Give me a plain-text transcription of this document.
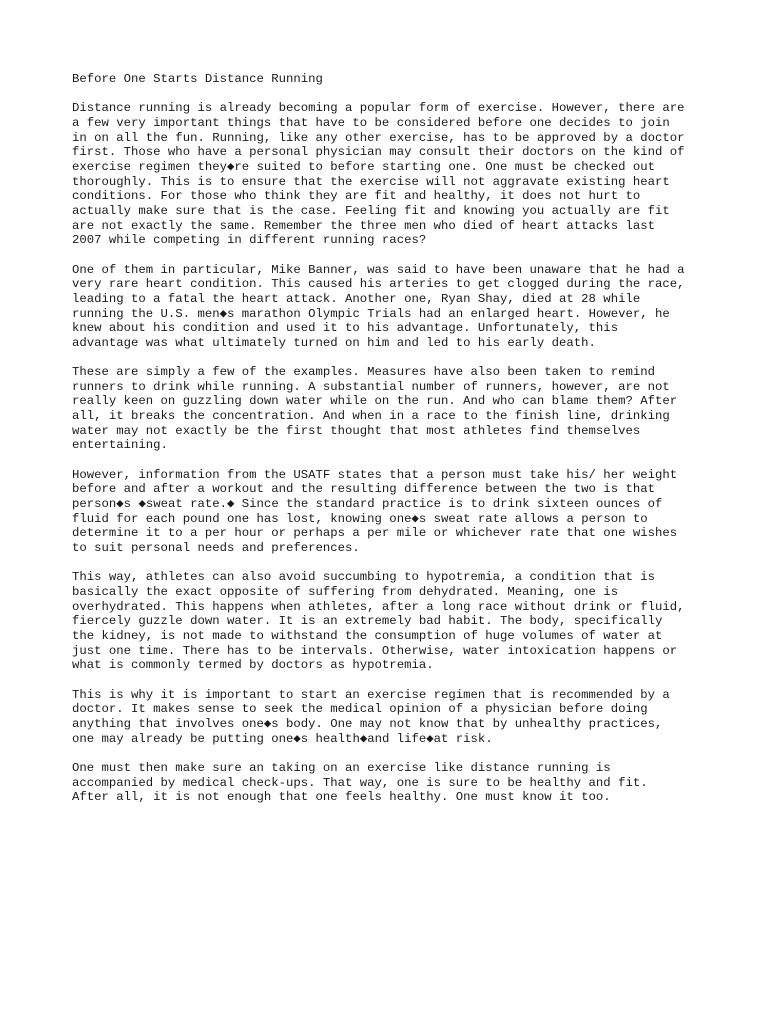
Before One Starts Distance Running
Distance running is already becoming a popular form of exercise. However, there are
a few very important things that have to be considered before one decides to join
in on all the fun. Running, like any other exercise, has to be approved by a doctor
first. Those who have a personal physician may consult their doctors on the kind of
exercise regimen they◆re suited to before starting one. One must be checked out
thoroughly. This is to ensure that the exercise will not aggravate existing heart
conditions. For those who think they are fit and healthy, it does not hurt to
actually make sure that is the case. Feeling fit and knowing you actually are fit
are not exactly the same. Remember the three men who died of heart attacks last
2007 while competing in different running races?
One of them in particular, Mike Banner, was said to have been unaware that he had a
very rare heart condition. This caused his arteries to get clogged during the race,
leading to a fatal the heart attack. Another one, Ryan Shay, died at 28 while
running the U.S. men◆s marathon Olympic Trials had an enlarged heart. However, he
knew about his condition and used it to his advantage. Unfortunately, this
advantage was what ultimately turned on him and led to his early death.
These are simply a few of the examples. Measures have also been taken to remind
runners to drink while running. A substantial number of runners, however, are not
really keen on guzzling down water while on the run. And who can blame them? After
all, it breaks the concentration. And when in a race to the finish line, drinking
water may not exactly be the first thought that most athletes find themselves
entertaining.
However, information from the USATF states that a person must take his/ her weight
before and after a workout and the resulting difference between the two is that
person◆s ◆sweat rate.◆ Since the standard practice is to drink sixteen ounces of
fluid for each pound one has lost, knowing one◆s sweat rate allows a person to
determine it to a per hour or perhaps a per mile or whichever rate that one wishes
to suit personal needs and preferences.
This way, athletes can also avoid succumbing to hypotremia, a condition that is
basically the exact opposite of suffering from dehydrated. Meaning, one is
overhydrated. This happens when athletes, after a long race without drink or fluid,
fiercely guzzle down water. It is an extremely bad habit. The body, specifically
the kidney, is not made to withstand the consumption of huge volumes of water at
just one time. There has to be intervals. Otherwise, water intoxication happens or
what is commonly termed by doctors as hypotremia.
This is why it is important to start an exercise regimen that is recommended by a
doctor. It makes sense to seek the medical opinion of a physician before doing
anything that involves one◆s body. One may not know that by unhealthy practices,
one may already be putting one◆s health◆and life◆at risk.
One must then make sure an taking on an exercise like distance running is
accompanied by medical check-ups. That way, one is sure to be healthy and fit.
After all, it is not enough that one feels healthy. One must know it too.
